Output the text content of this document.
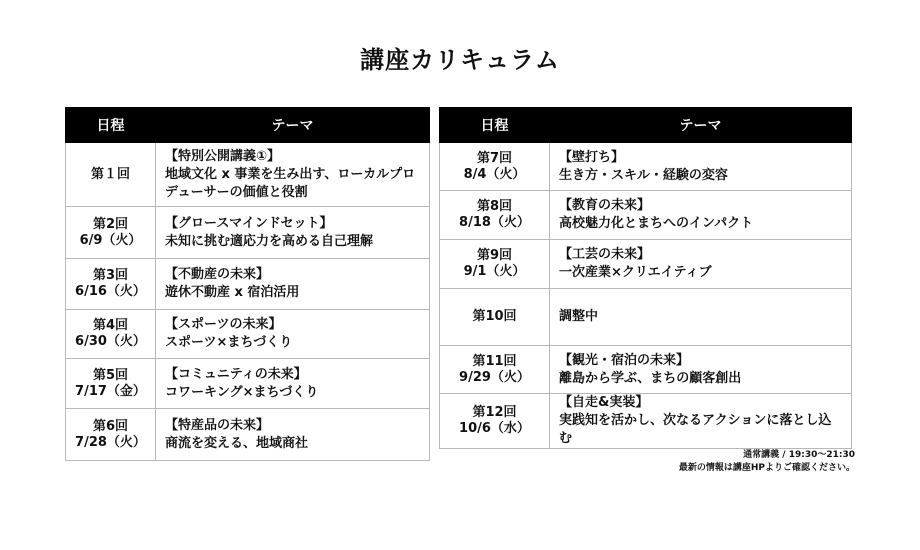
講座カリキュラム
日程	テーマ

第１回	【特別公開講義①】
地域文化 x 事業を生み出す、ローカルプロデューサーの価値と役割

第2回
6/9（火）	【グロースマインドセット】
未知に挑む適応力を高める自己理解

第3回
6/16（火）	【不動産の未来】
遊休不動産 x 宿泊活用

第4回
6/30（火）	【スポーツの未来】
スポーツ×まちづくり

第5回
7/17（金）	【コミュニティの未来】
コワーキング×まちづくり

第6回
7/28（火）	【特産品の未来】
商流を変える、地域商社
日程	テーマ

第7回
8/4（火）	【壁打ち】
生き方・スキル・経験の変容

第8回
8/18（火）	【教育の未来】
高校魅力化とまちへのインパクト

第9回
9/1（火）	【工芸の未来】
一次産業×クリエイティブ

第10回	調整中

第11回
9/29（火）	【観光・宿泊の未来】
離島から学ぶ、まちの顧客創出

第12回
10/6（水）	【自走&実装】
実践知を活かし、次なるアクションに落とし込む
通常講義 / 19:30〜21:30
最新の情報は講座HPよりご確認ください。
